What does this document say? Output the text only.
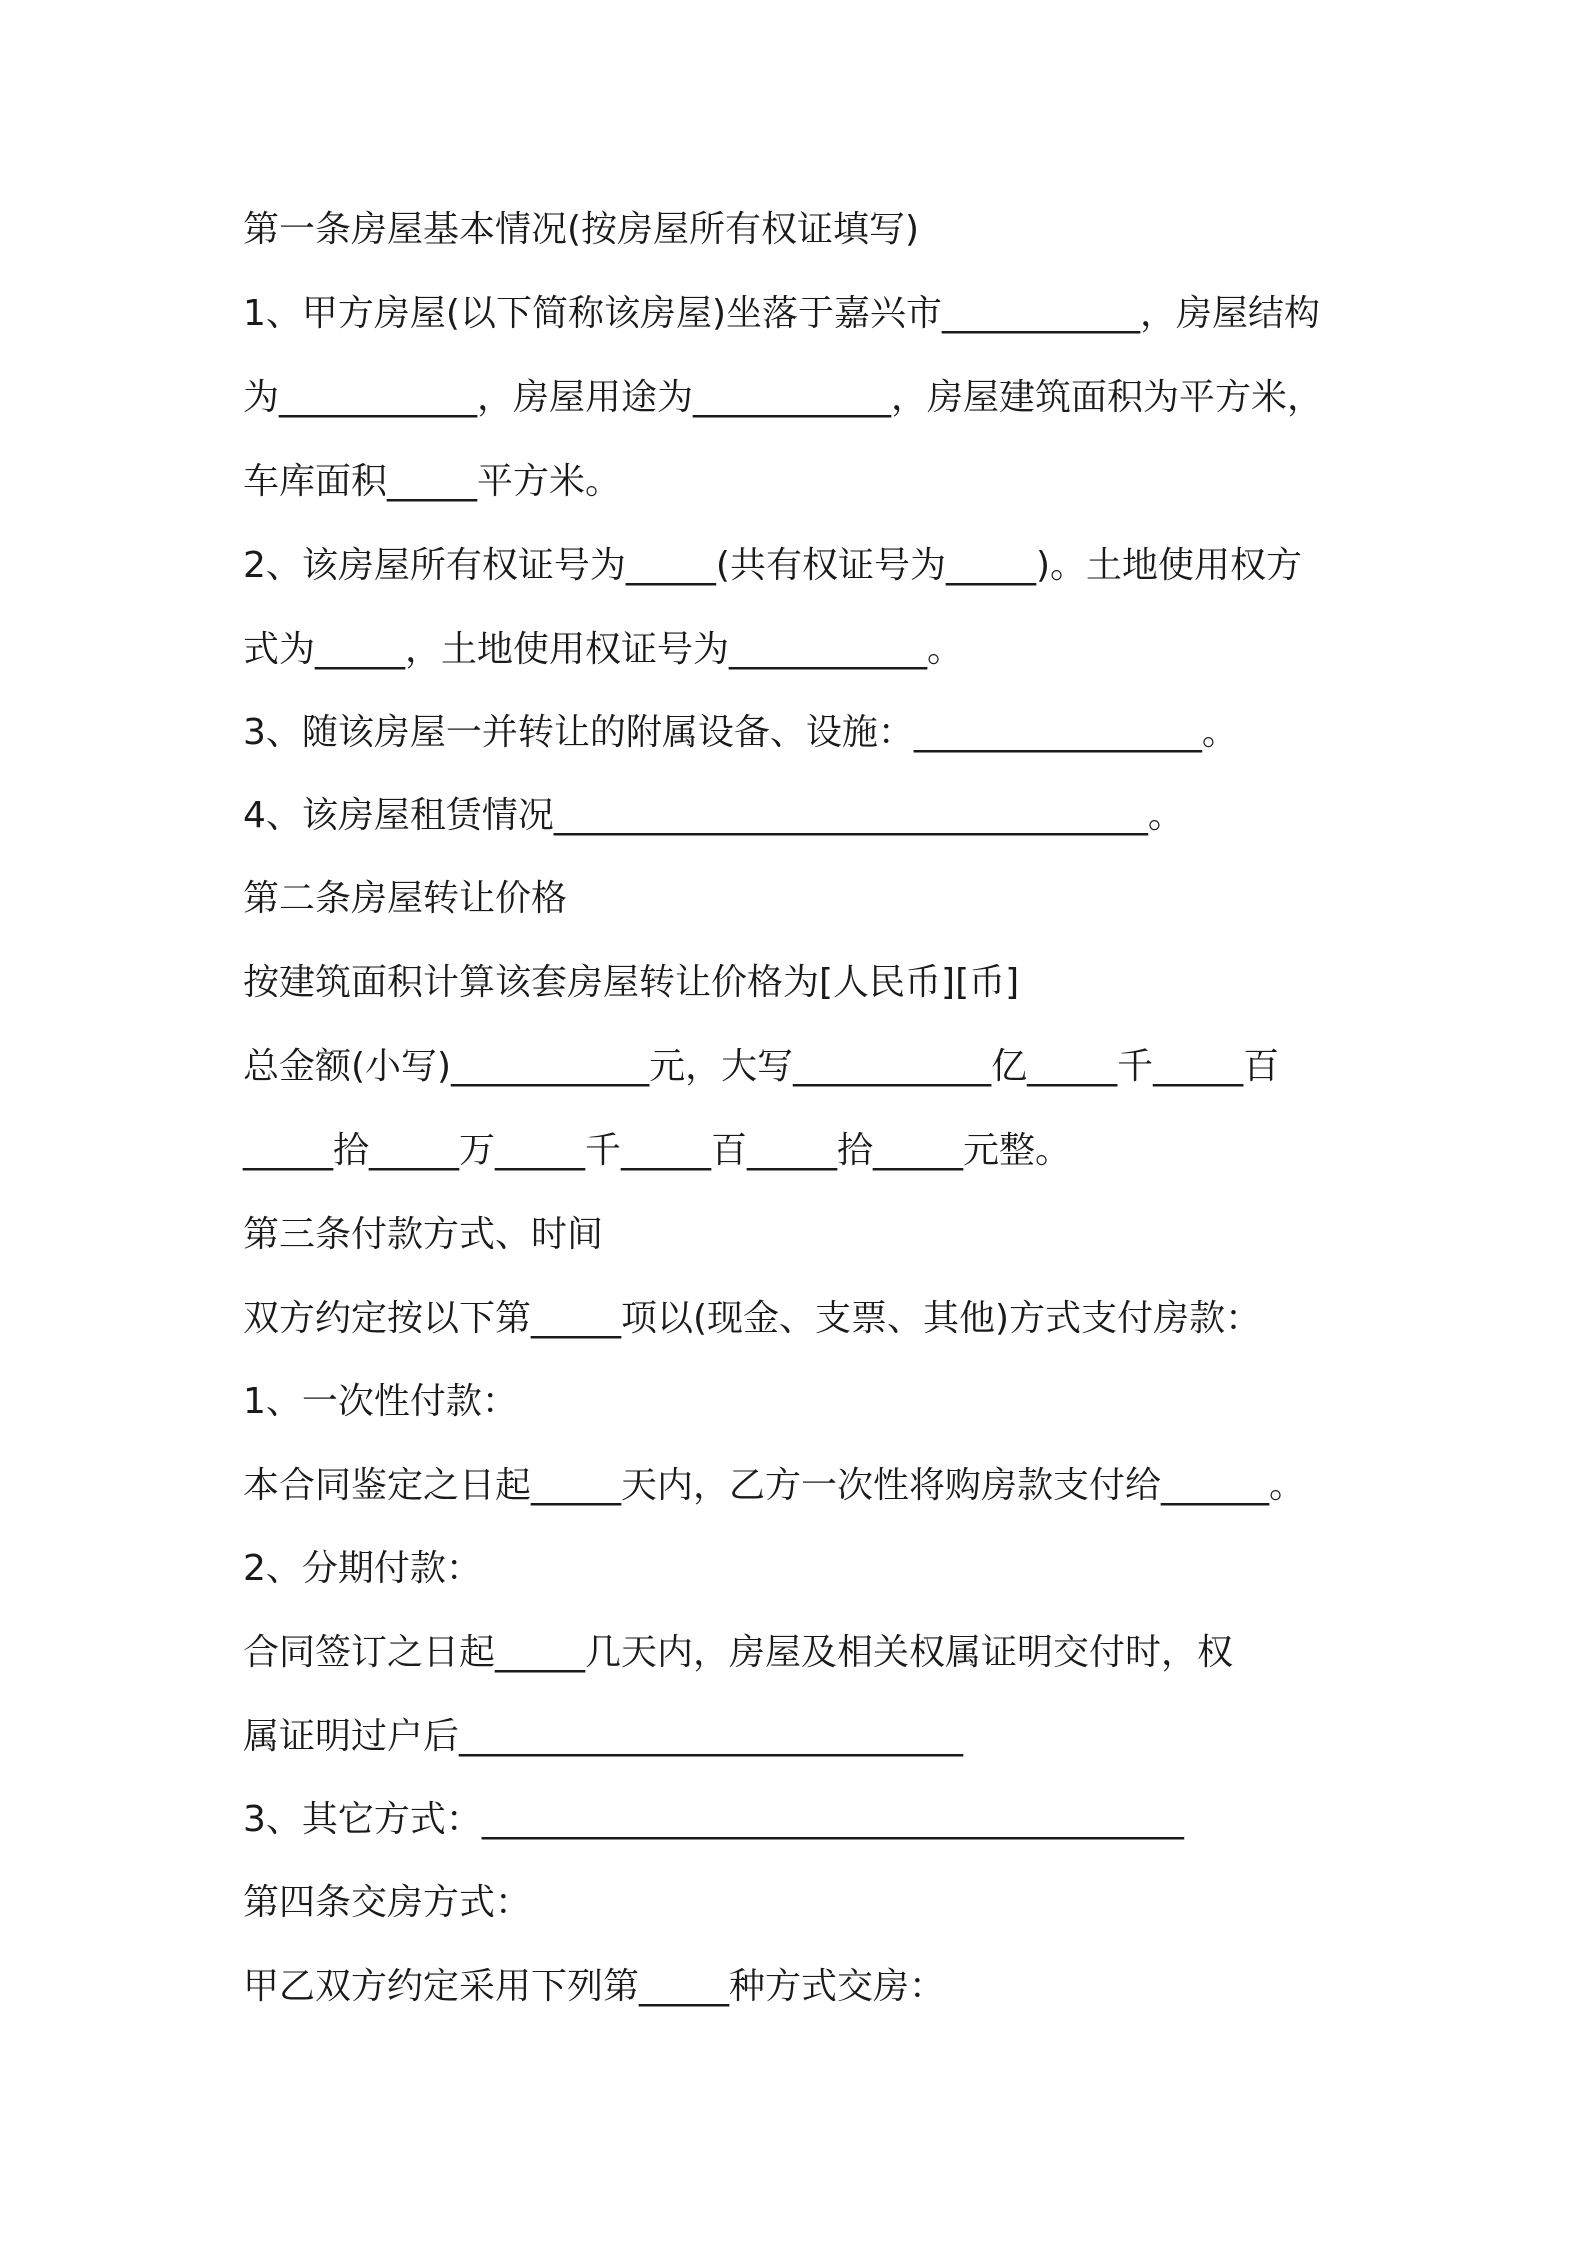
第一条房屋基本情况(按房屋所有权证填写)

1、甲方房屋(以下简称该房屋)坐落于嘉兴市___________，房屋结构

为___________，房屋用途为___________，房屋建筑面积为平方米，

车库面积_____平方米。

2、该房屋所有权证号为_____(共有权证号为_____)。土地使用权方

式为_____，土地使用权证号为___________。

3、随该房屋一并转让的附属设备、设施：________________。

4、该房屋租赁情况_________________________________。

第二条房屋转让价格

按建筑面积计算该套房屋转让价格为[人民币][币]

总金额(小写)___________元，大写___________亿_____千_____百

_____拾_____万_____千_____百_____拾_____元整。

第三条付款方式、时间

双方约定按以下第_____项以(现金、支票、其他)方式支付房款：

1、一次性付款：

本合同鉴定之日起_____天内，乙方一次性将购房款支付给______。

2、分期付款：

合同签订之日起_____几天内，房屋及相关权属证明交付时，权

属证明过户后____________________________

3、其它方式：_______________________________________

第四条交房方式：

甲乙双方约定采用下列第_____种方式交房：
